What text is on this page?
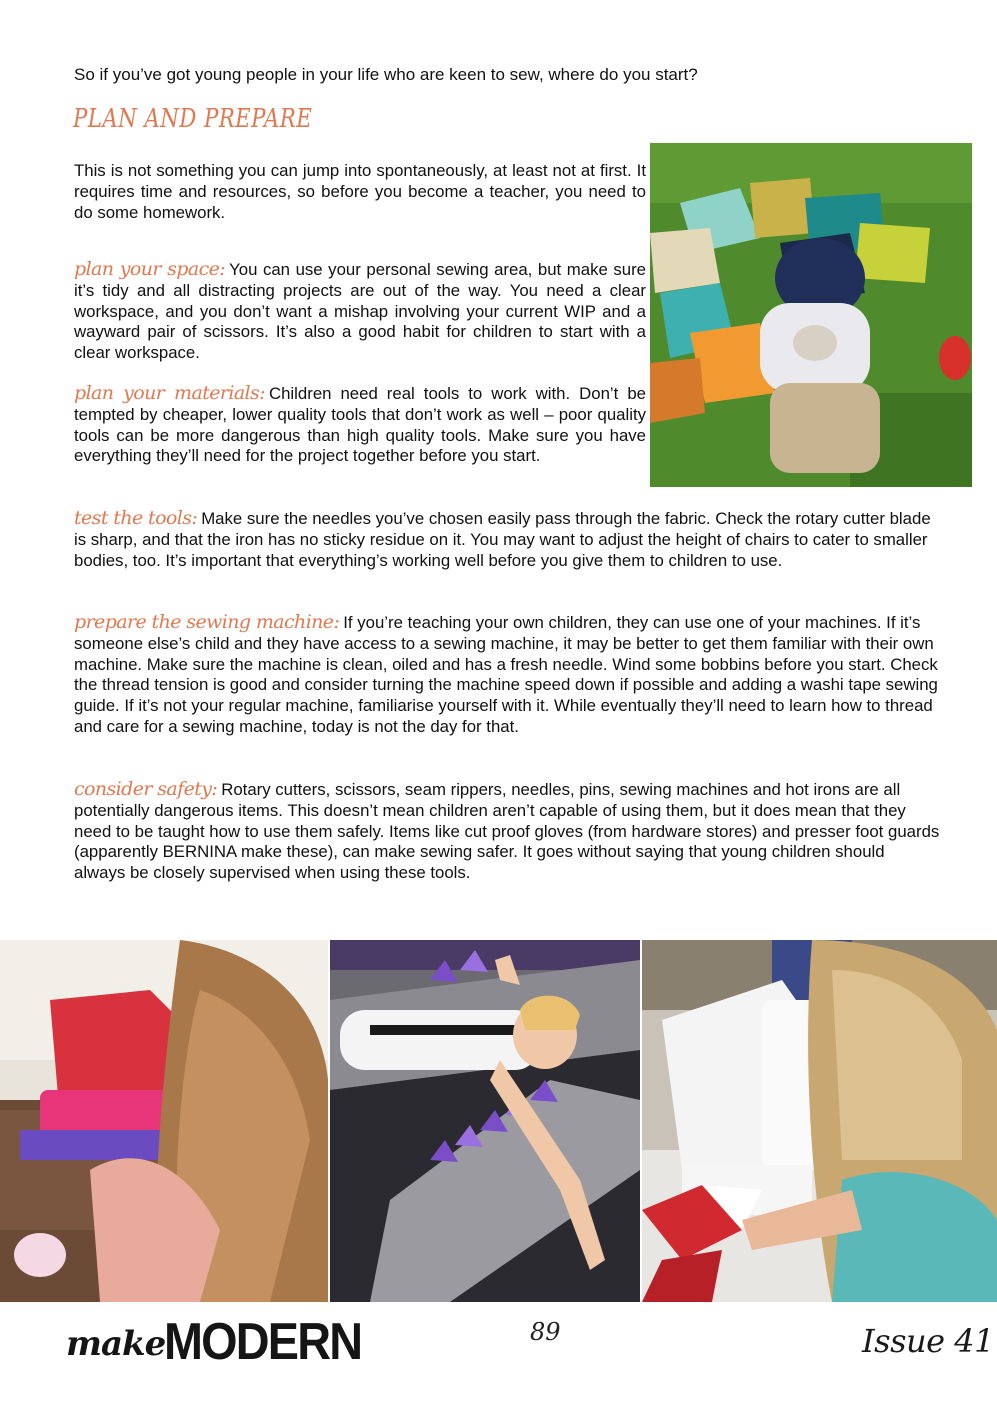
So if you’ve got young people in your life who are keen to sew, where do you start?

PLAN AND PREPARE

This is not something you can jump into spontaneously, at least not at first. It requires time and resources, so before you become a teacher, you need to do some homework.

plan your space: You can use your personal sewing area, but make sure it’s tidy and all distracting projects are out of the way. You need a clear workspace, and you don’t want a mishap involving your current WIP and a wayward pair of scissors. It’s also a good habit for children to start with a clear workspace.

plan your materials: Children need real tools to work with. Don’t be tempted by cheaper, lower quality tools that don’t work as well – poor quality tools can be more dangerous than high quality tools. Make sure you have everything they’ll need for the project together before you start.

test the tools: Make sure the needles you’ve chosen easily pass through the fabric. Check the rotary cutter blade is sharp, and that the iron has no sticky residue on it. You may want to adjust the height of chairs to cater to smaller bodies, too. It’s important that everything’s working well before you give them to children to use.

prepare the sewing machine: If you’re teaching your own children, they can use one of your machines. If it’s someone else’s child and they have access to a sewing machine, it may be better to get them familiar with their own machine. Make sure the machine is clean, oiled and has a fresh needle. Wind some bobbins before you start. Check the thread tension is good and consider turning the machine speed down if possible and adding a washi tape sewing guide. If it’s not your regular machine, familiarise yourself with it. While eventually they’ll need to learn how to thread and care for a sewing machine, today is not the day for that.

consider safety: Rotary cutters, scissors, seam rippers, needles, pins, sewing machines and hot irons are all potentially dangerous items. This doesn’t mean children aren’t capable of using them, but it does mean that they need to be taught how to use them safely. Items like cut proof gloves (from hardware stores) and presser foot guards (apparently BERNINA make these), can make sewing safer. It goes without saying that young children should always be closely supervised when using these tools.

make
MODERN	89	Issue 41
